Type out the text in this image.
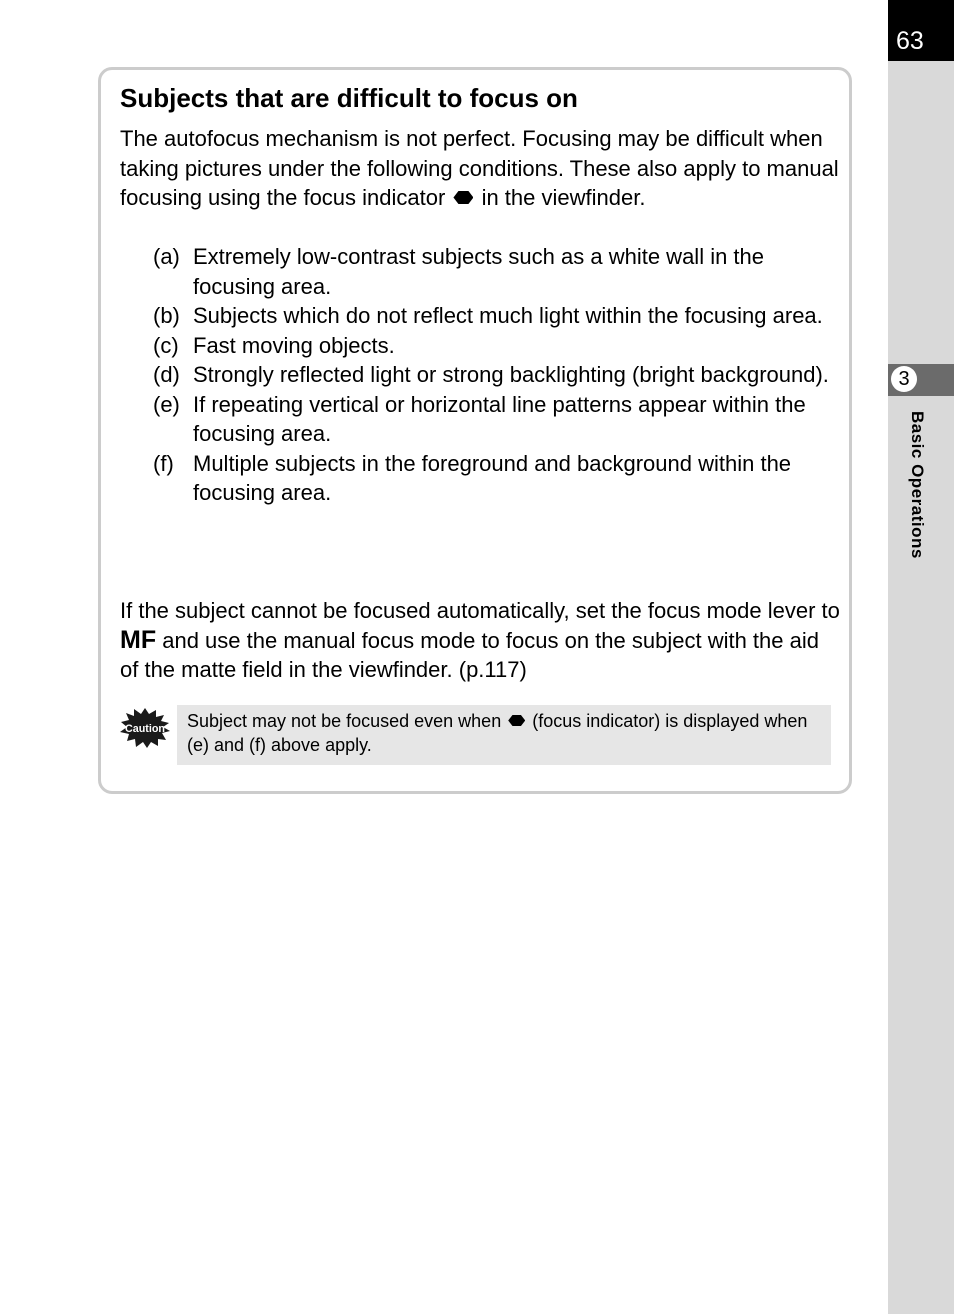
63
3
Basic Operations
Subjects that are difficult to focus on
The autofocus mechanism is not perfect. Focusing may be difficult when taking pictures under the following conditions. These also apply to manual focusing using the focus indicator in the viewfinder.
(a) Extremely low-contrast subjects such as a white wall in the focusing area.
(b) Subjects which do not reflect much light within the focusing area.
(c) Fast moving objects.
(d) Strongly reflected light or strong backlighting (bright background).
(e) If repeating vertical or horizontal line patterns appear within the focusing area.
(f) Multiple subjects in the foreground and background within the focusing area.
If the subject cannot be focused automatically, set the focus mode lever to MF and use the manual focus mode to focus on the subject with the aid of the matte field in the viewfinder. (p.117)
Caution Subject may not be focused even when (focus indicator) is displayed when (e) and (f) above apply.
